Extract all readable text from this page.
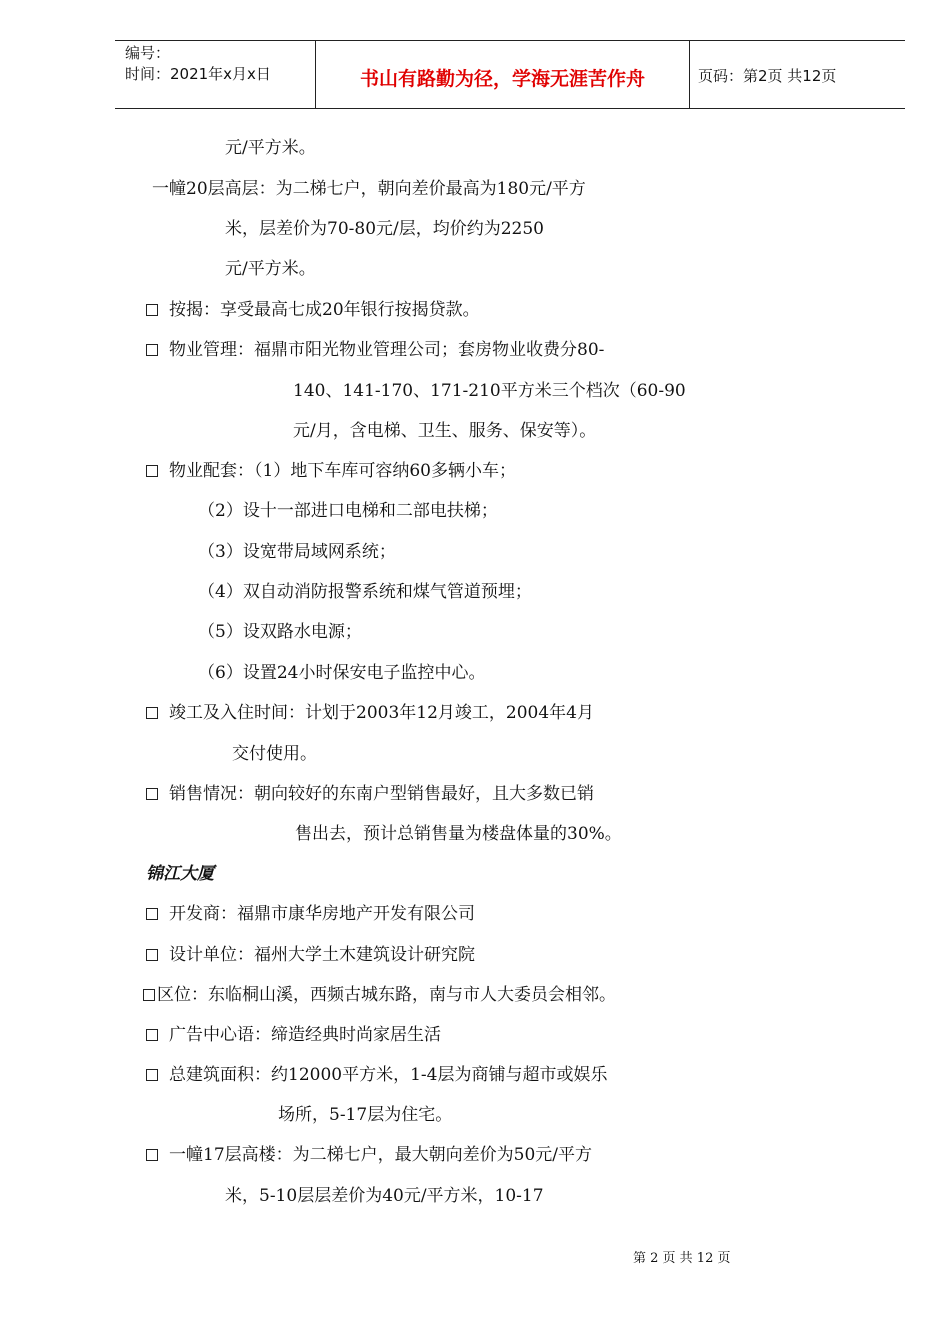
编号：
时间：2021年x月x日	书山有路勤为径，学海无涯苦作舟	页码：第2页 共12页
元/平方米。
一幢20层高层：为二梯七户，朝向差价最高为180元/平方
米，层差价为70-80元/层，均价约为2250
元/平方米。
按揭：享受最高七成20年银行按揭贷款。
物业管理：福鼎市阳光物业管理公司；套房物业收费分80-
140、141-170、171-210平方米三个档次（60-90
元/月，含电梯、卫生、服务、保安等）。
物业配套：（1）地下车库可容纳60多辆小车；
（2）设十一部进口电梯和二部电扶梯；
（3）设宽带局域网系统；
（4）双自动消防报警系统和煤气管道预埋；
（5）设双路水电源；
（6）设置24小时保安电子监控中心。
竣工及入住时间：计划于2003年12月竣工，2004年4月
交付使用。
销售情况：朝向较好的东南户型销售最好，且大多数已销
售出去，预计总销售量为楼盘体量的30%。
锦江大厦
开发商：福鼎市康华房地产开发有限公司
设计单位：福州大学土木建筑设计研究院
区位：东临桐山溪，西频古城东路，南与市人大委员会相邻。
广告中心语：缔造经典时尚家居生活
总建筑面积：约12000平方米，1-4层为商铺与超市或娱乐
场所，5-17层为住宅。
一幢17层高楼：为二梯七户，最大朝向差价为50元/平方
米，5-10层层差价为40元/平方米，10-17
第 2 页 共 12 页
